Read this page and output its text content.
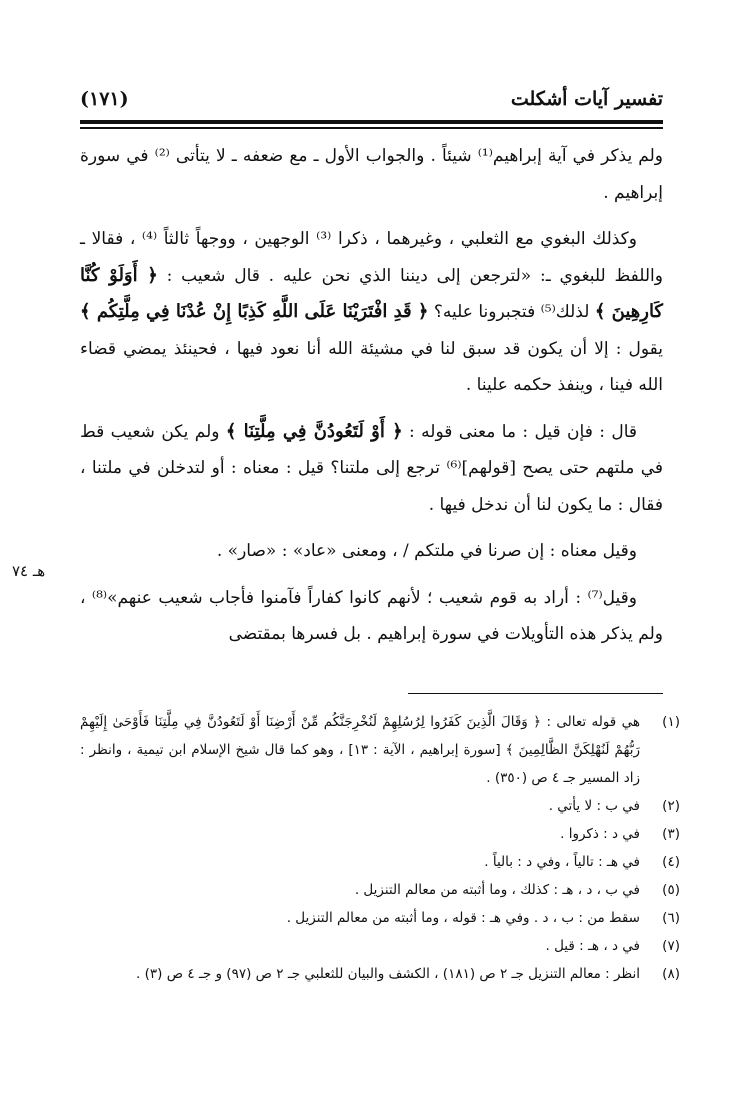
تفسير آيات أشكلت
(١٧١)

ولم يذكر في آية إبراهيم⁽¹⁾ شيئاً . والجواب الأول ـ مع ضعفه ـ لا يتأتى ⁽²⁾ في سورة إبراهيم .

وكذلك البغوي مع الثعلبي ، وغيرهما ، ذكرا ⁽³⁾ الوجهين ، ووجهاً ثالثاً ⁽⁴⁾ ، فقالا ـ واللفظ للبغوي ـ: «لترجعن إلى ديننا الذي نحن عليه . قال شعيب : ﴿ أَوَلَوْ كُنَّا كَارِهِينَ ﴾ لذلك⁽⁵⁾ فتجبرونا عليه؟ ﴿ قَدِ افْتَرَيْنَا عَلَى اللَّهِ كَذِبًا إِنْ عُدْنَا فِي مِلَّتِكُم ﴾ يقول : إلا أن يكون قد سبق لنا في مشيئة الله أنا نعود فيها ، فحينئذ يمضي قضاء الله فينا ، وينفذ حكمه علينا .

قال : فإن قيل : ما معنى قوله : ﴿ أَوْ لَتَعُودُنَّ فِي مِلَّتِنَا ﴾ ولم يكن شعيب قط في ملتهم حتى يصح [قولهم]⁽⁶⁾ ترجع إلى ملتنا؟ قيل : معناه : أو لتدخلن في ملتنا ، فقال : ما يكون لنا أن ندخل فيها .

وقيل معناه : إن صرنا في ملتكم / ، ومعنى «عاد» : «صار» .

وقيل⁽⁷⁾ : أراد به قوم شعيب ؛ لأنهم كانوا كفاراً فآمنوا فأجاب شعيب عنهم»⁽⁸⁾ ، ولم يذكر هذه التأويلات في سورة إبراهيم . بل فسرها بمقتضى

هـ ٧٤
(١)
هي قوله تعالى : ﴿ وَقَالَ الَّذِينَ كَفَرُوا لِرُسُلِهِمْ لَنُخْرِجَنَّكُم مِّنْ أَرْضِنَا أَوْ لَتَعُودُنَّ فِي مِلَّتِنَا فَأَوْحَىٰ إِلَيْهِمْ رَبُّهُمْ لَنُهْلِكَنَّ الظَّالِمِينَ ﴾ [سورة إبراهيم ، الآية : ١٣] ، وهو كما قال شيخ الإسلام ابن تيمية ، وانظر : زاد المسير جـ ٤ ص (٣٥٠) .
(٢)
في ب : لا يأتي .
(٣)
في د : ذكروا .
(٤)
في هـ : تالياً ، وفي د : بالياً .
(٥)
في ب ، د ، هـ : كذلك ، وما أثبته من معالم التنزيل .
(٦)
سقط من : ب ، د . وفي هـ : قوله ، وما أثبته من معالم التنزيل .
(٧)
في د ، هـ : قيل .
(٨)
انظر : معالم التنزيل جـ ٢ ص (١٨١) ، الكشف والبيان للثعلبي جـ ٢ ص (٩٧) و جـ ٤ ص (٣) .
